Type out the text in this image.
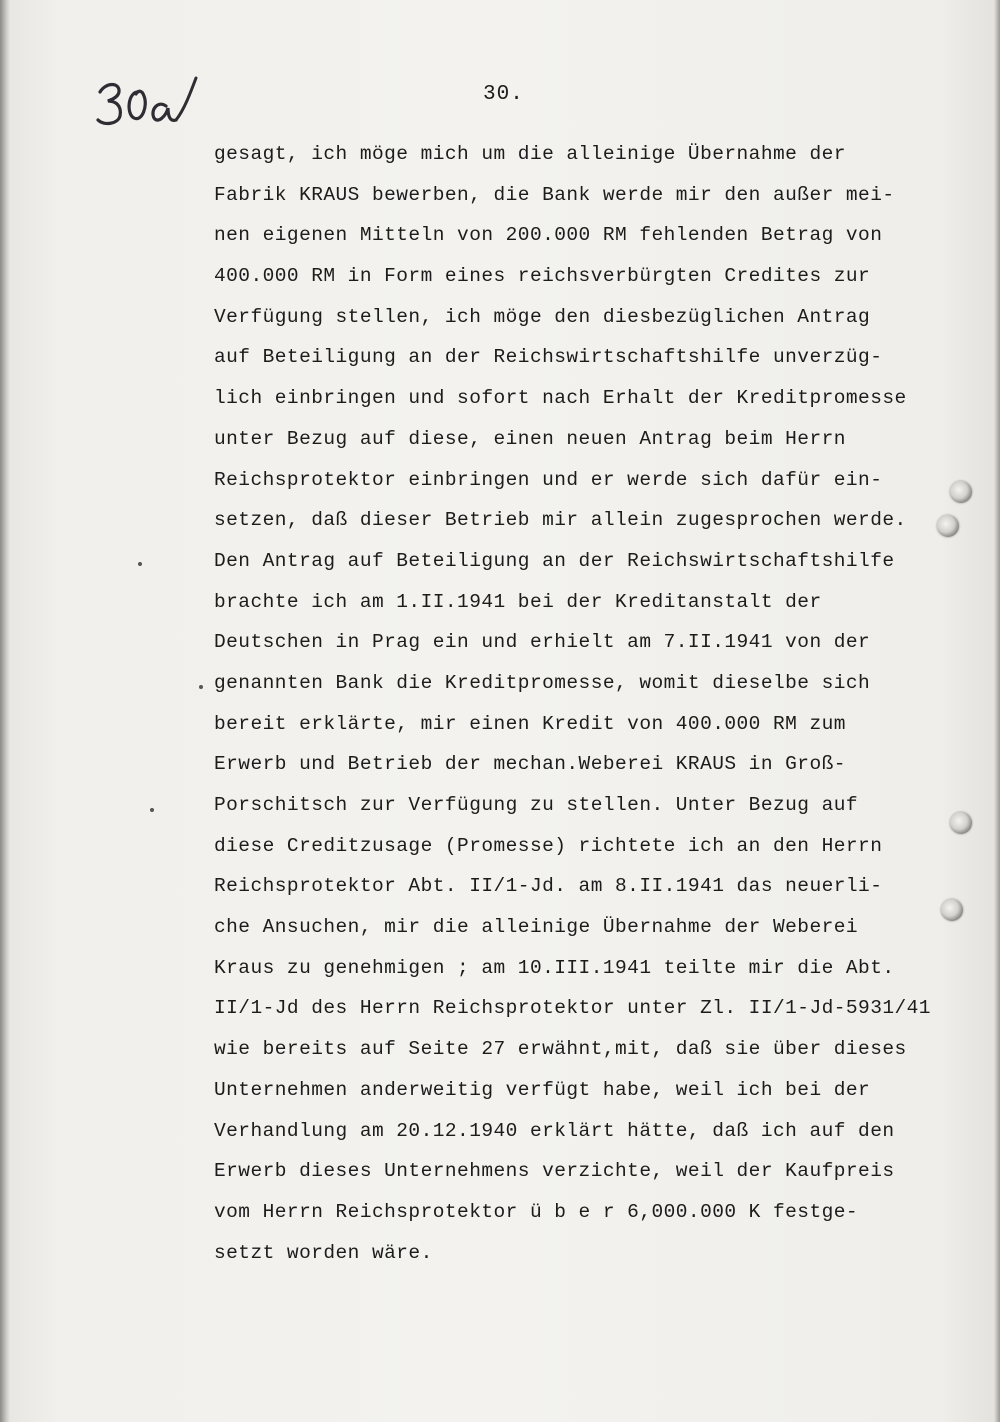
30.
gesagt, ich möge mich um die alleinige Übernahme der
Fabrik KRAUS bewerben, die Bank werde mir den außer mei-
nen eigenen Mitteln von 200.000 RM fehlenden Betrag von
400.000 RM in Form eines reichsverbürgten Credites zur
Verfügung stellen, ich möge den diesbezüglichen Antrag
auf Beteiligung an der Reichswirtschaftshilfe unverzüg-
lich einbringen und sofort nach Erhalt der Kreditpromesse
unter Bezug auf diese, einen neuen Antrag beim Herrn
Reichsprotektor einbringen und er werde sich dafür ein-
setzen, daß dieser Betrieb mir allein zugesprochen werde.
Den Antrag auf Beteiligung an der Reichswirtschaftshilfe
brachte ich am 1.II.1941 bei der Kreditanstalt der
Deutschen in Prag ein und erhielt am 7.II.1941 von der
genannten Bank die Kreditpromesse, womit dieselbe sich
bereit erklärte, mir einen Kredit von 400.000 RM zum
Erwerb und Betrieb der mechan.Weberei KRAUS in Groß-
Porschitsch zur Verfügung zu stellen. Unter Bezug auf
diese Creditzusage (Promesse) richtete ich an den Herrn
Reichsprotektor Abt. II/1-Jd. am 8.II.1941 das neuerli-
che Ansuchen, mir die alleinige Übernahme der Weberei
Kraus zu genehmigen ; am 10.III.1941 teilte mir die Abt.
II/1-Jd des Herrn Reichsprotektor unter Zl. II/1-Jd-5931/41
wie bereits auf Seite 27 erwähnt,mit, daß sie über dieses
Unternehmen anderweitig verfügt habe, weil ich bei der
Verhandlung am 20.12.1940 erklärt hätte, daß ich auf den
Erwerb dieses Unternehmens verzichte, weil der Kaufpreis
vom Herrn Reichsprotektor ü b e r 6,000.000 K festge-
setzt worden wäre.
